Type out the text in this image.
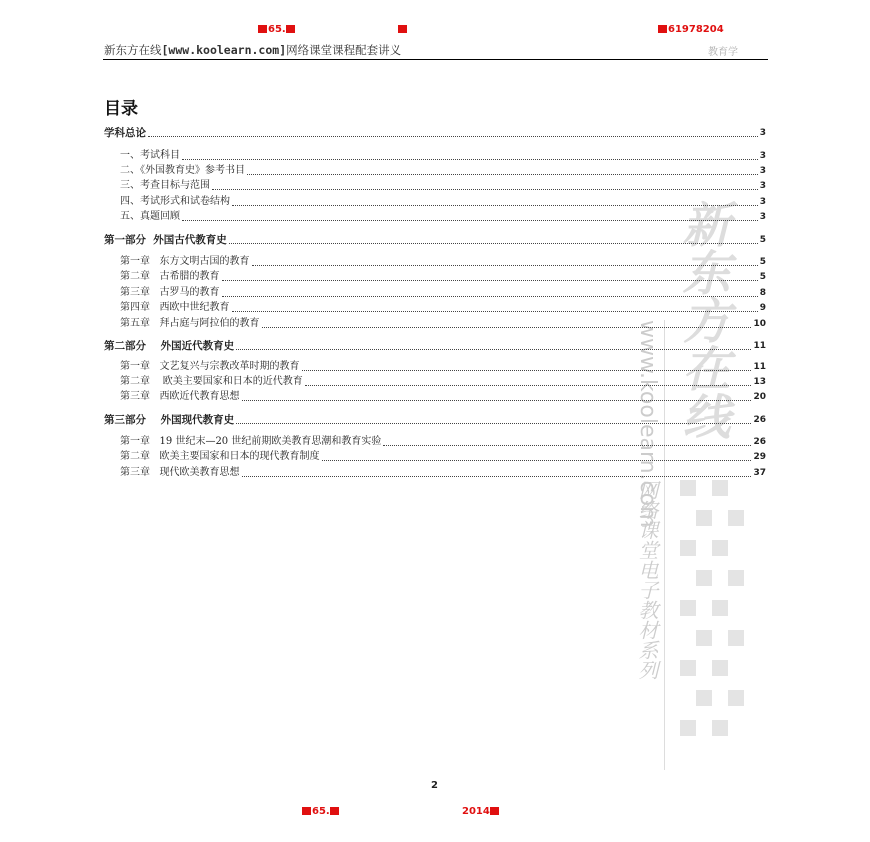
65.	61978204
新东方在线[www.koolearn.com]网络课堂课程配套讲义	教育学
新东方在线
www.koolearn.com
网络课堂电子教材系列
目录
学科总论	3
一、考试科目	3
二、《外国教育史》参考书目	3
三、考查目标与范围	3
四、考试形式和试卷结构	3
五、真题回顾	3
第一部分  外国古代教育史	5
第一章   东方文明古国的教育	5
第二章   古希腊的教育	5
第三章   古罗马的教育	8
第四章   西欧中世纪教育	9
第五章   拜占庭与阿拉伯的教育	10
第二部分    外国近代教育史	11
第一章   文艺复兴与宗教改革时期的教育	11
第二章    欧美主要国家和日本的近代教育	13
第三章   西欧近代教育思想	20
第三部分    外国现代教育史	26
第一章   19 世纪末—20 世纪前期欧美教育思潮和教育实验	26
第二章   欧美主要国家和日本的现代教育制度	29
第三章   现代欧美教育思想	37
2
65.	2014
